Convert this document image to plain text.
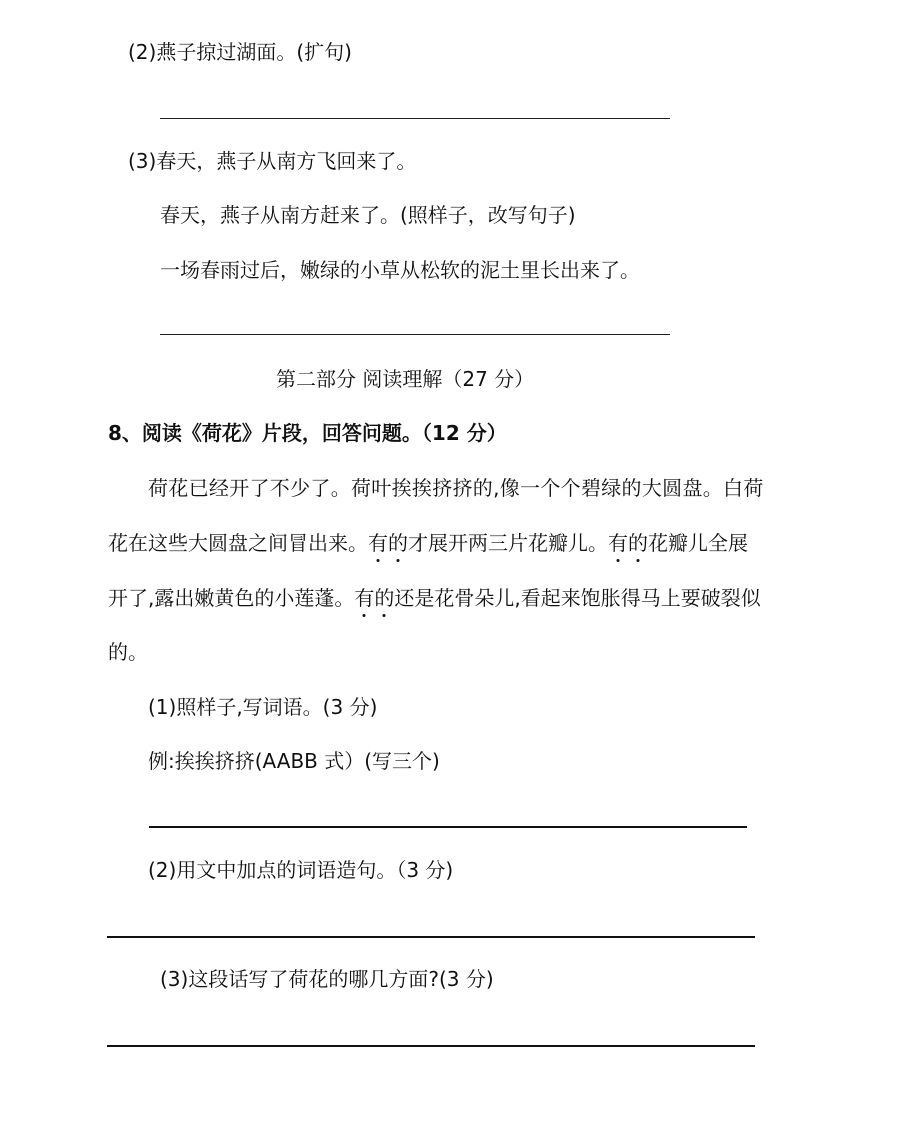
(2)燕子掠过湖面。(扩句)
(3)春天，燕子从南方飞回来了。
春天，燕子从南方赶来了。(照样子，改写句子)
一场春雨过后，嫩绿的小草从松软的泥土里长出来了。
第二部分 阅读理解（27 分）
8、阅读《荷花》片段，回答问题。（12 分）
荷花已经开了不少了。荷叶挨挨挤挤的,像一个个碧绿的大圆盘。白荷
花在这些大圆盘之间冒出来。有的才展开两三片花瓣儿。有的花瓣儿全展
开了,露出嫩黄色的小莲蓬。有的还是花骨朵儿,看起来饱胀得马上要破裂似
的。
(1)照样子,写词语。(3 分)
例:挨挨挤挤(AABB 式）(写三个)
(2)用文中加点的词语造句。（3 分)
(3)这段话写了荷花的哪几方面?(3 分)
